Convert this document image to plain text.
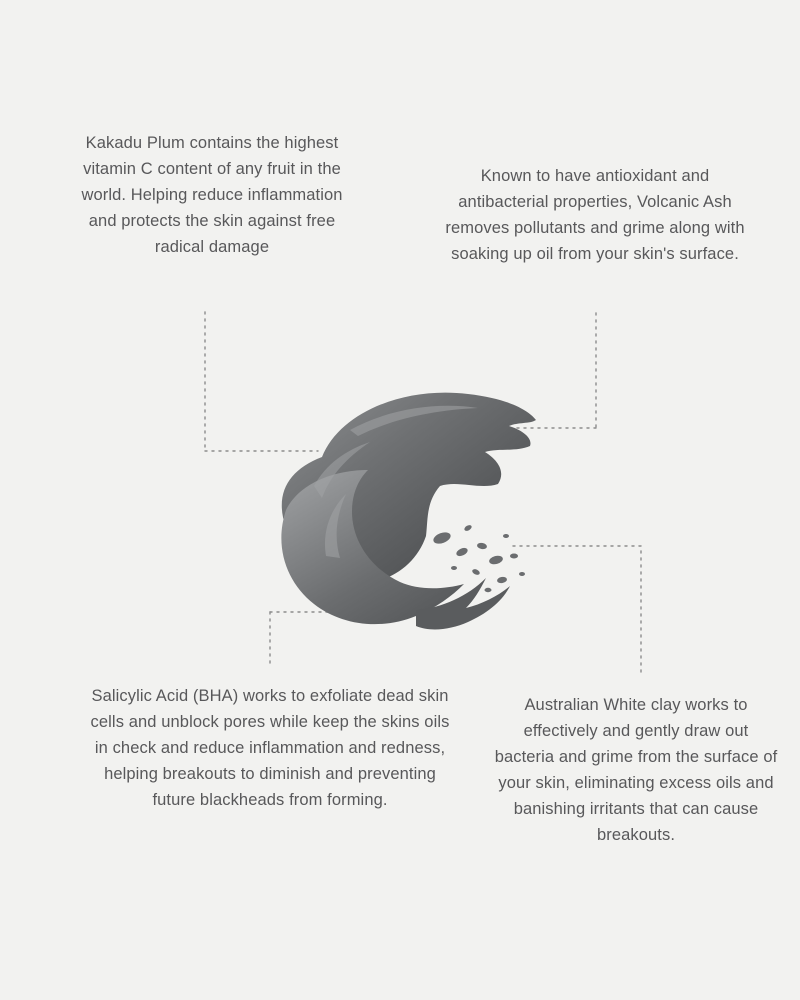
Kakadu Plum contains the highest vitamin C content of any fruit in the world. Helping reduce inflammation and protects the skin against free radical damage
Known to have antioxidant and antibacterial properties, Volcanic Ash removes pollutants and grime along with soaking up oil from your skin's surface.
Salicylic Acid (BHA) works to exfoliate dead skin cells and unblock pores while keep the skins oils in check and reduce inflammation and redness, helping breakouts to diminish and preventing future blackheads from forming.
Australian White clay works to effectively and gently draw out bacteria and grime from the surface of your skin, eliminating excess oils and banishing irritants that can cause breakouts.
